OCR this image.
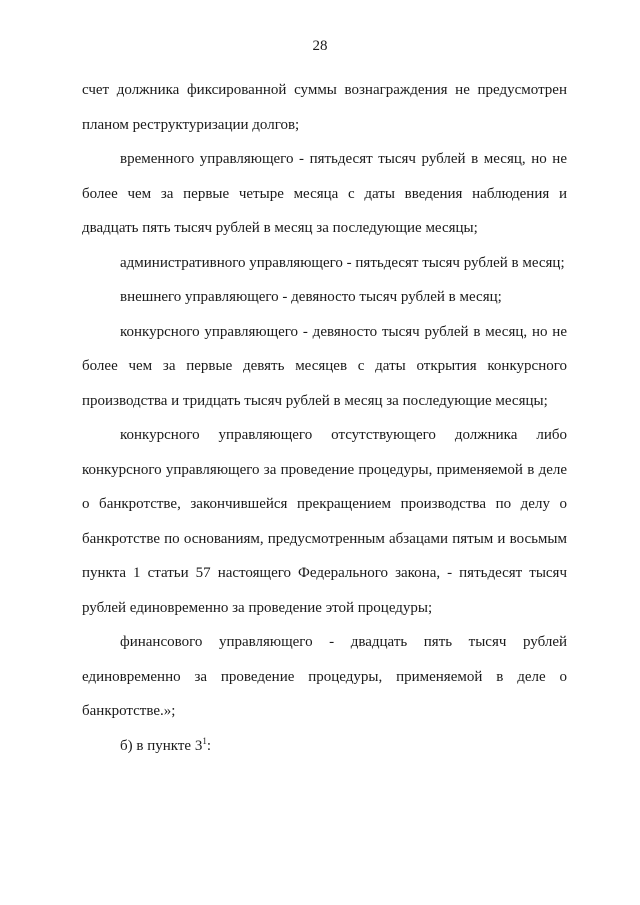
28

счет должника фиксированной суммы вознаграждения не предусмотрен планом реструктуризации долгов;

временного управляющего - пятьдесят тысяч рублей в месяц, но не более чем за первые четыре месяца с даты введения наблюдения и двадцать пять тысяч рублей в месяц за последующие месяцы;

административного управляющего - пятьдесят тысяч рублей в месяц;

внешнего управляющего - девяносто тысяч рублей в месяц;

конкурсного управляющего - девяносто тысяч рублей в месяц, но не более чем за первые девять месяцев с даты открытия конкурсного производства и тридцать тысяч рублей в месяц за последующие месяцы;

конкурсного управляющего отсутствующего должника либо конкурсного управляющего за проведение процедуры, применяемой в деле о банкротстве, закончившейся прекращением производства по делу о банкротстве по основаниям, предусмотренным абзацами пятым и восьмым пункта 1 статьи 57 настоящего Федерального закона, - пятьдесят тысяч рублей единовременно за проведение этой процедуры;

финансового управляющего - двадцать пять тысяч рублей единовременно за проведение процедуры, применяемой в деле о банкротстве.»;

б) в пункте $3^1$:
